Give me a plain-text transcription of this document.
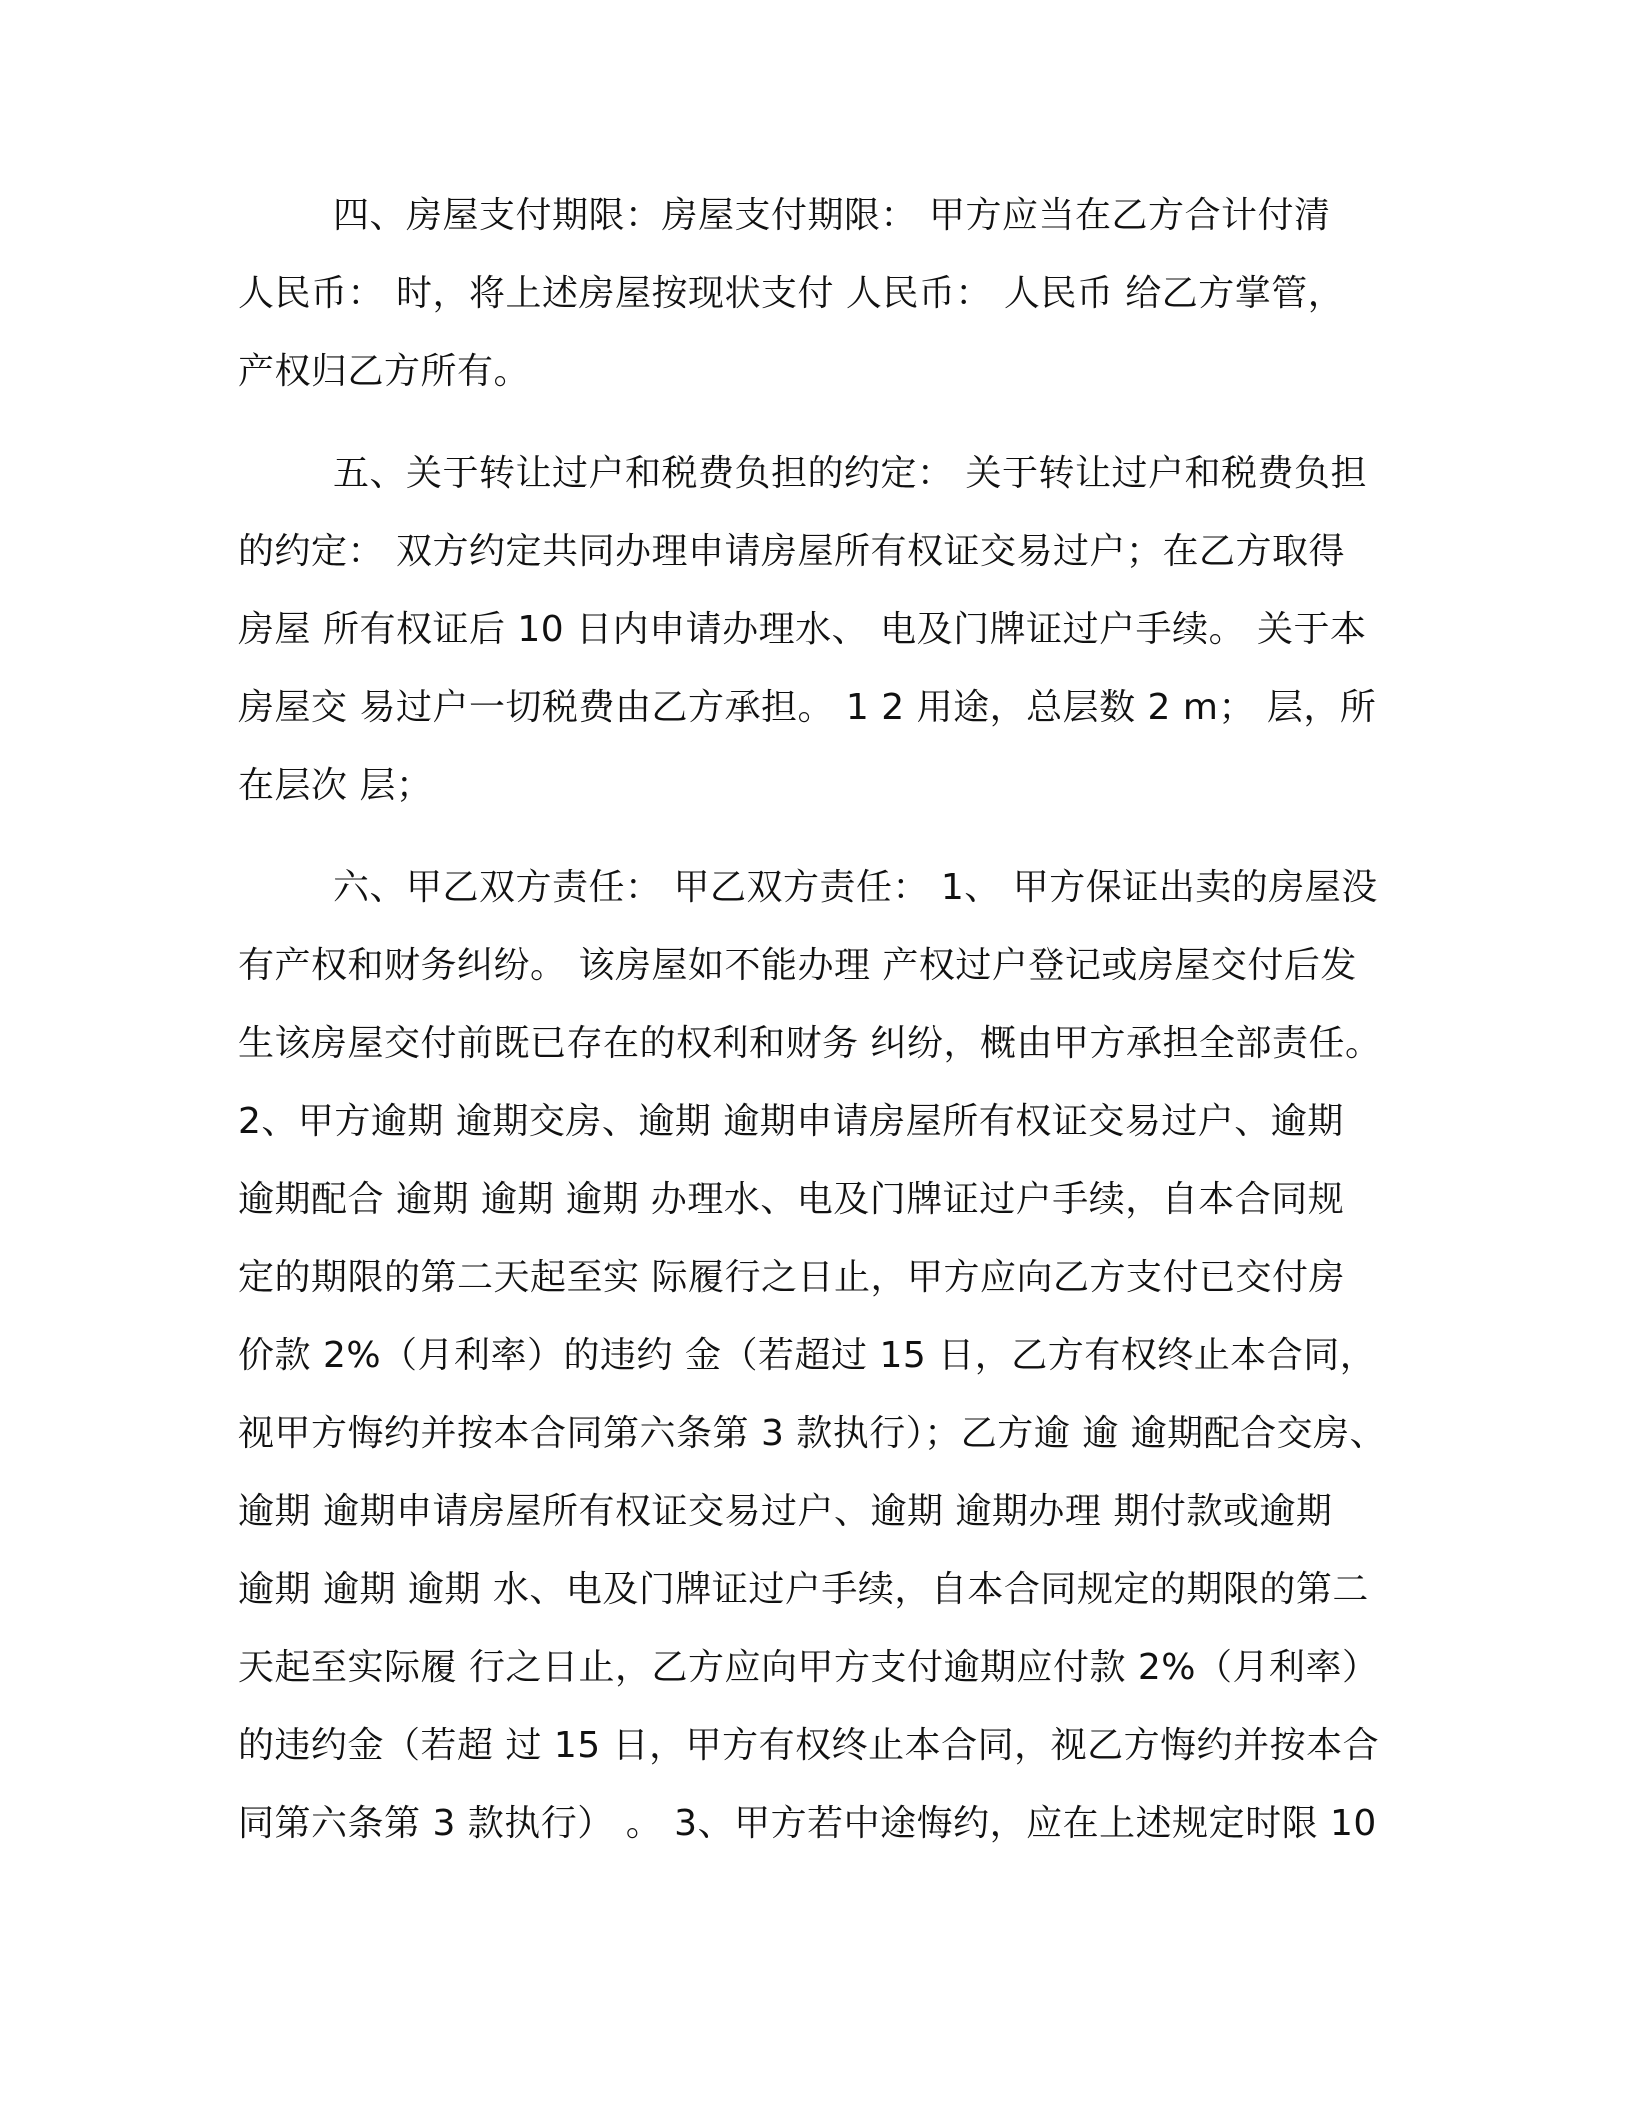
四、房屋支付期限：房屋支付期限： 甲方应当在乙方合计付清

人民币： 时，将上述房屋按现状支付 人民币： 人民币 给乙方掌管，

产权归乙方所有。

五、关于转让过户和税费负担的约定： 关于转让过户和税费负担

的约定： 双方约定共同办理申请房屋所有权证交易过户；在乙方取得

房屋 所有权证后 10 日内申请办理水、 电及门牌证过户手续。 关于本

房屋交 易过户一切税费由乙方承担。 1 2 用途，总层数 2 m； 层，所

在层次 层；

六、甲乙双方责任： 甲乙双方责任： 1、 甲方保证出卖的房屋没

有产权和财务纠纷。 该房屋如不能办理 产权过户登记或房屋交付后发

生该房屋交付前既已存在的权利和财务 纠纷，概由甲方承担全部责任。

2、甲方逾期 逾期交房、逾期 逾期申请房屋所有权证交易过户、逾期

逾期配合 逾期 逾期 逾期 办理水、电及门牌证过户手续，自本合同规

定的期限的第二天起至实 际履行之日止，甲方应向乙方支付已交付房

价款 2%（月利率）的违约 金（若超过 15 日，乙方有权终止本合同，

视甲方悔约并按本合同第六条第 3 款执行）；乙方逾 逾 逾期配合交房、

逾期 逾期申请房屋所有权证交易过户、逾期 逾期办理 期付款或逾期

逾期 逾期 逾期 水、电及门牌证过户手续，自本合同规定的期限的第二

天起至实际履 行之日止，乙方应向甲方支付逾期应付款 2%（月利率）

的违约金（若超 过 15 日，甲方有权终止本合同，视乙方悔约并按本合

同第六条第 3 款执行） 。 3、甲方若中途悔约，应在上述规定时限 10
